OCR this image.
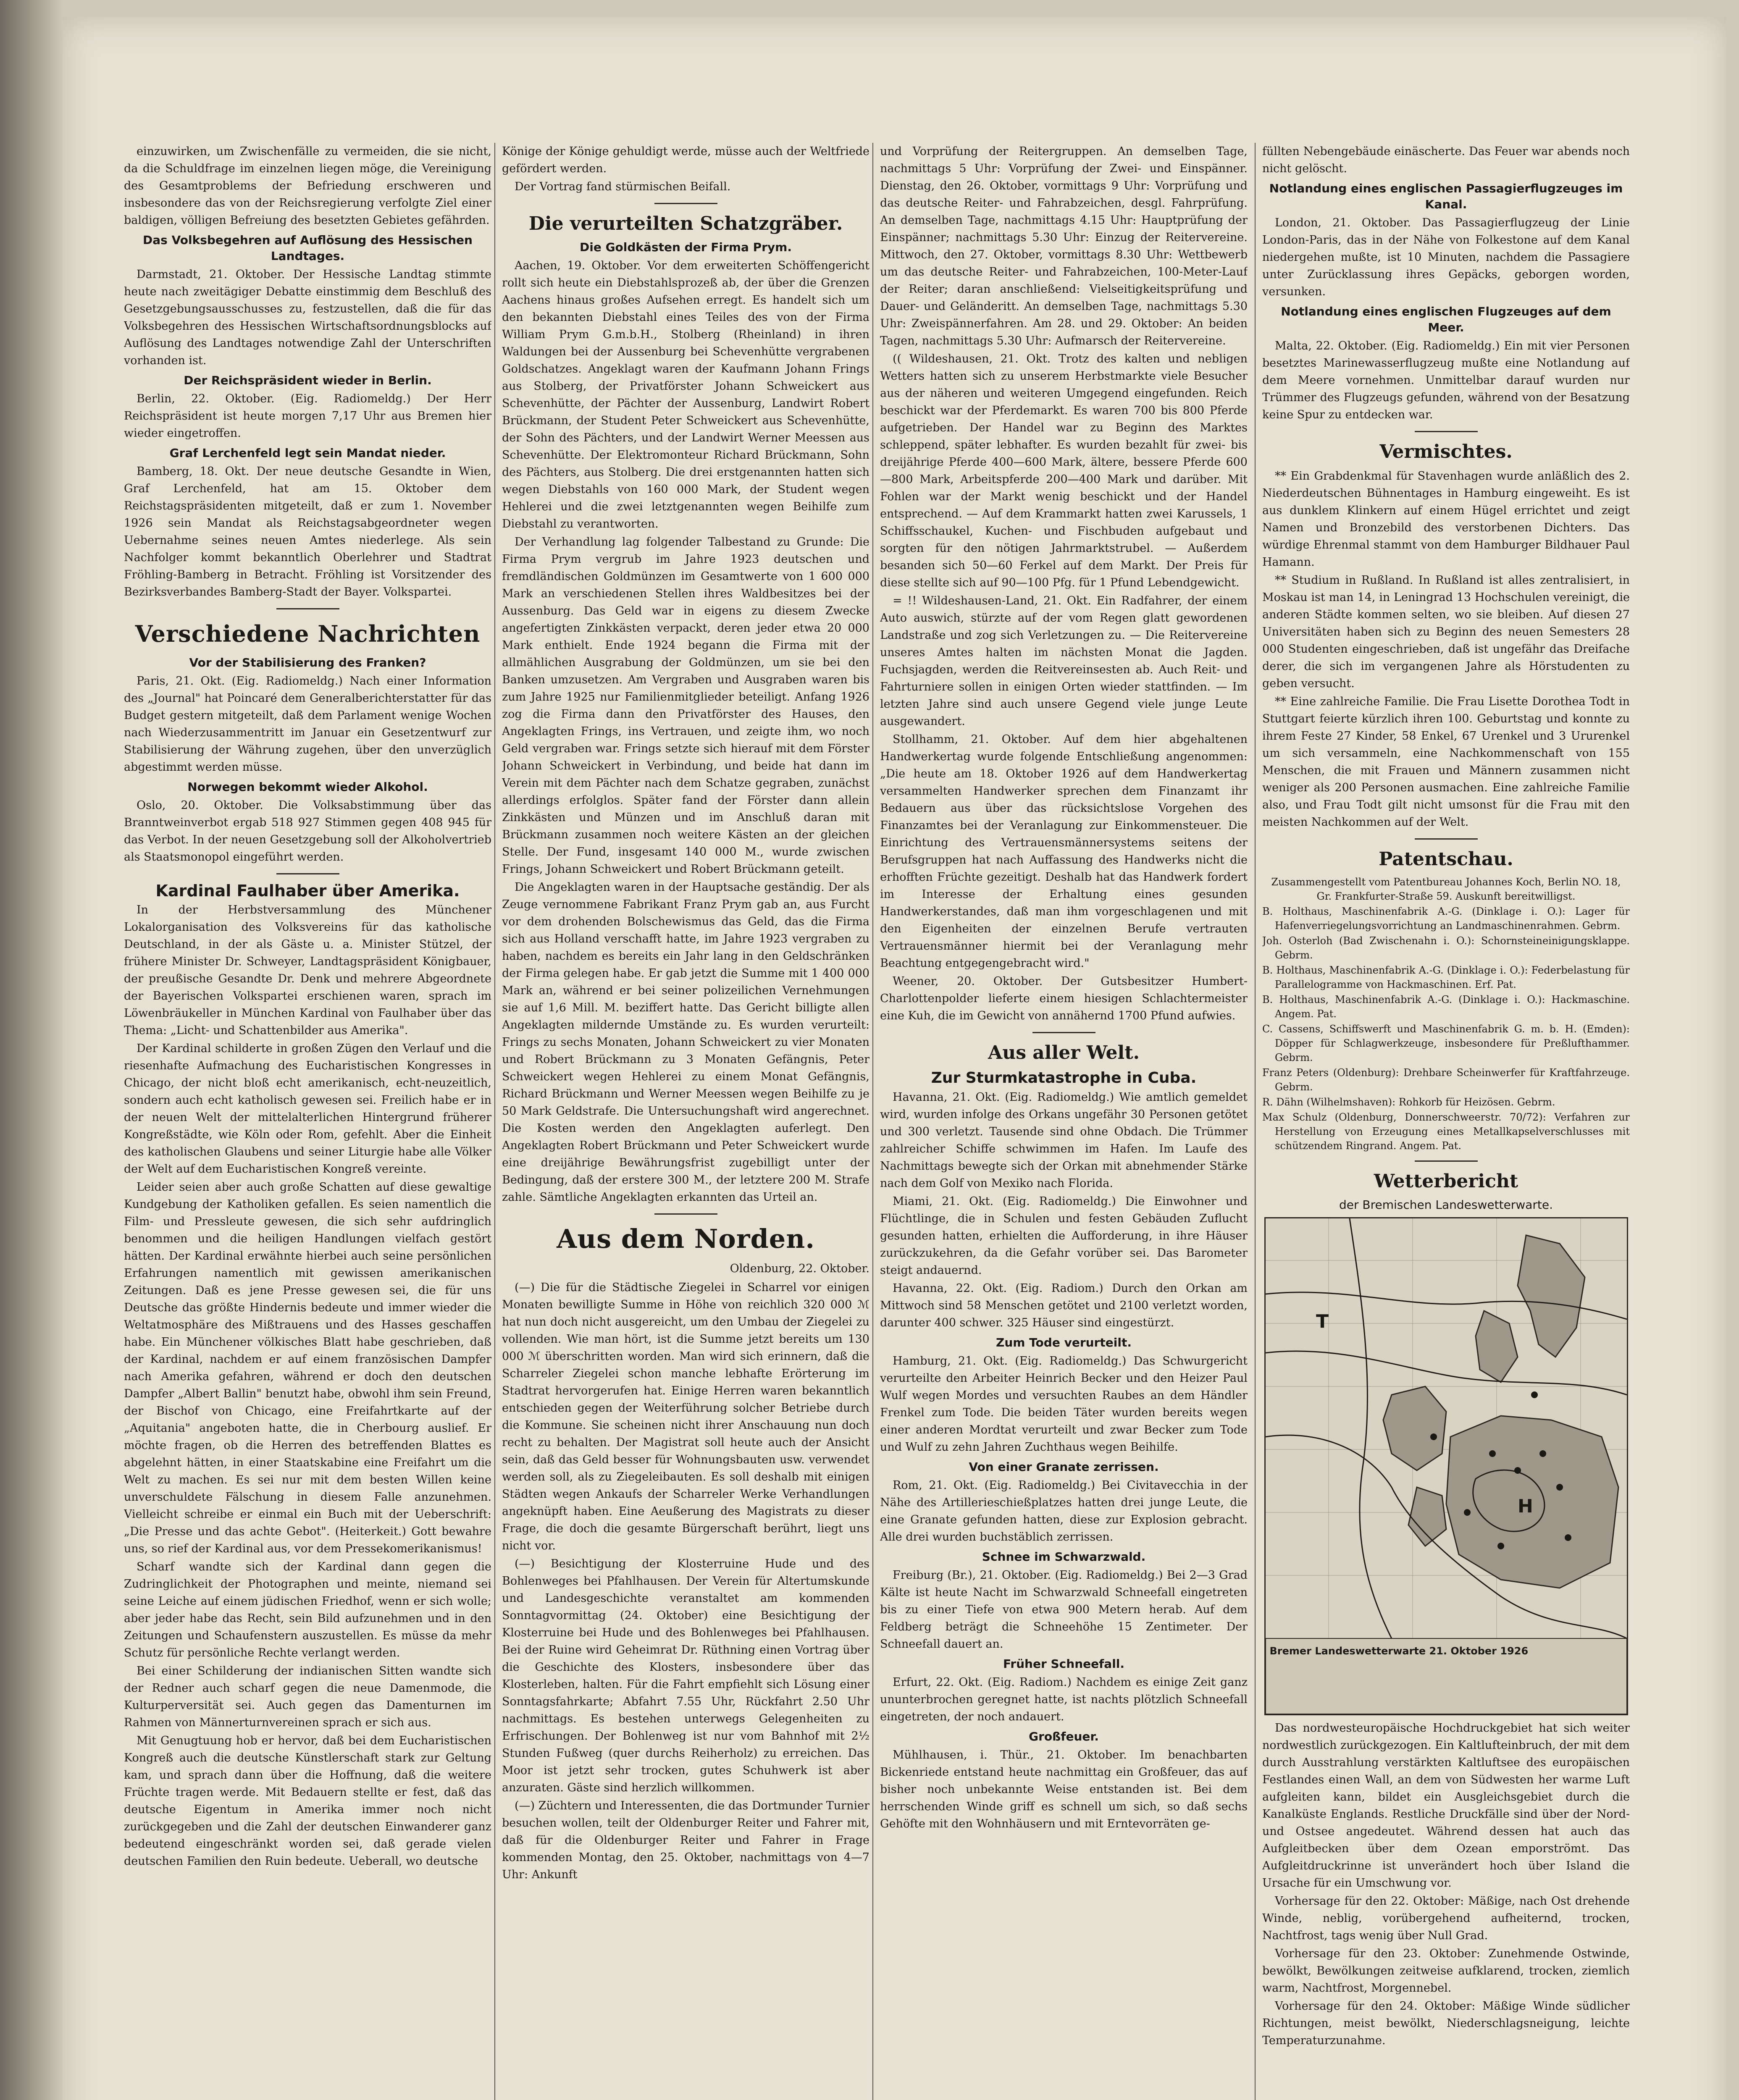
einzuwirken, um Zwischenfälle zu vermeiden, die sie nicht, da die Schuldfrage im einzelnen liegen möge, die Vereinigung des Gesamtproblems der Befriedung erschweren und insbesondere das von der Reichsregierung verfolgte Ziel einer baldigen, völligen Befreiung des besetzten Gebietes gefährden.

Das Volksbegehren auf Auflösung des Hessischen Landtages.

Darmstadt, 21. Oktober. Der Hessische Landtag stimmte heute nach zweitägiger Debatte einstimmig dem Beschluß des Gesetzgebungsausschusses zu, festzustellen, daß die für das Volksbegehren des Hessischen Wirtschaftsordnungsblocks auf Auflösung des Landtages notwendige Zahl der Unterschriften vorhanden ist.

Der Reichspräsident wieder in Berlin.

Berlin, 22. Oktober. (Eig. Radiomeldg.) Der Herr Reichspräsident ist heute morgen 7,17 Uhr aus Bremen hier wieder eingetroffen.

Graf Lerchenfeld legt sein Mandat nieder.

Bamberg, 18. Okt. Der neue deutsche Gesandte in Wien, Graf Lerchenfeld, hat am 15. Oktober dem Reichstagspräsidenten mitgeteilt, daß er zum 1. November 1926 sein Mandat als Reichstagsabgeordneter wegen Uebernahme seines neuen Amtes niederlege. Als sein Nachfolger kommt bekanntlich Oberlehrer und Stadtrat Fröhling-Bamberg in Betracht. Fröhling ist Vorsitzender des Bezirksverbandes Bamberg-Stadt der Bayer. Volkspartei.

Verschiedene Nachrichten
Vor der Stabilisierung des Franken?

Paris, 21. Okt. (Eig. Radiomeldg.) Nach einer Information des „Journal" hat Poincaré dem Generalberichterstatter für das Budget gestern mitgeteilt, daß dem Parlament wenige Wochen nach Wiederzusammentritt im Januar ein Gesetzentwurf zur Stabilisierung der Währung zugehen, über den unverzüglich abgestimmt werden müsse.

Norwegen bekommt wieder Alkohol.

Oslo, 20. Oktober. Die Volksabstimmung über das Branntweinverbot ergab 518 927 Stimmen gegen 408 945 für das Verbot. In der neuen Gesetzgebung soll der Alkoholvertrieb als Staatsmonopol eingeführt werden.

Kardinal Faulhaber über Amerika.

In der Herbstversammlung des Münchener Lokalorganisation des Volksvereins für das katholische Deutschland, in der als Gäste u. a. Minister Stützel, der frühere Minister Dr. Schweyer, Landtagspräsident Königbauer, der preußische Gesandte Dr. Denk und mehrere Abgeordnete der Bayerischen Volkspartei erschienen waren, sprach im Löwenbräukeller in München Kardinal von Faulhaber über das Thema: „Licht- und Schattenbilder aus Amerika".

Der Kardinal schilderte in großen Zügen den Verlauf und die riesenhafte Aufmachung des Eucharistischen Kongresses in Chicago, der nicht bloß echt amerikanisch, echt-neuzeitlich, sondern auch echt katholisch gewesen sei. Freilich habe er in der neuen Welt der mittelalterlichen Hintergrund früherer Kongreßstädte, wie Köln oder Rom, gefehlt. Aber die Einheit des katholischen Glaubens und seiner Liturgie habe alle Völker der Welt auf dem Eucharistischen Kongreß vereinte.

Leider seien aber auch große Schatten auf diese gewaltige Kundgebung der Katholiken gefallen. Es seien namentlich die Film- und Pressleute gewesen, die sich sehr aufdringlich benommen und die heiligen Handlungen vielfach gestört hätten. Der Kardinal erwähnte hierbei auch seine persönlichen Erfahrungen namentlich mit gewissen amerikanischen Zeitungen. Daß es jene Presse gewesen sei, die für uns Deutsche das größte Hindernis bedeute und immer wieder die Weltatmosphäre des Mißtrauens und des Hasses geschaffen habe. Ein Münchener völkisches Blatt habe geschrieben, daß der Kardinal, nachdem er auf einem französischen Dampfer nach Amerika gefahren, während er doch den deutschen Dampfer „Albert Ballin" benutzt habe, obwohl ihm sein Freund, der Bischof von Chicago, eine Freifahrtkarte auf der „Aquitania" angeboten hatte, die in Cherbourg auslief. Er möchte fragen, ob die Herren des betreffenden Blattes es abgelehnt hätten, in einer Staatskabine eine Freifahrt um die Welt zu machen. Es sei nur mit dem besten Willen keine unverschuldete Fälschung in diesem Falle anzunehmen. Vielleicht schreibe er einmal ein Buch mit der Ueberschrift: „Die Presse und das achte Gebot". (Heiterkeit.) Gott bewahre uns, so rief der Kardinal aus, vor dem Pressekomerikanismus!

Scharf wandte sich der Kardinal dann gegen die Zudringlichkeit der Photographen und meinte, niemand sei seine Leiche auf einem jüdischen Friedhof, wenn er sich wolle; aber jeder habe das Recht, sein Bild aufzunehmen und in den Zeitungen und Schaufenstern auszustellen. Es müsse da mehr Schutz für persönliche Rechte verlangt werden.

Bei einer Schilderung der indianischen Sitten wandte sich der Redner auch scharf gegen die neue Damenmode, die Kulturperversität sei. Auch gegen das Damenturnen im Rahmen von Männerturnvereinen sprach er sich aus.

Mit Genugtuung hob er hervor, daß bei dem Eucharistischen Kongreß auch die deutsche Künstlerschaft stark zur Geltung kam, und sprach dann über die Hoffnung, daß die weitere Früchte tragen werde. Mit Bedauern stellte er fest, daß das deutsche Eigentum in Amerika immer noch nicht zurückgegeben und die Zahl der deutschen Einwanderer ganz bedeutend eingeschränkt worden sei, daß gerade vielen deutschen Familien den Ruin bedeute. Ueberall, wo deutsche

Könige der Könige gehuldigt werde, müsse auch der Weltfriede gefördert werden.

Der Vortrag fand stürmischen Beifall.

Die verurteilten Schatzgräber.
Die Goldkästen der Firma Prym.

Aachen, 19. Oktober. Vor dem erweiterten Schöffengericht rollt sich heute ein Diebstahlsprozeß ab, der über die Grenzen Aachens hinaus großes Aufsehen erregt. Es handelt sich um den bekannten Diebstahl eines Teiles des von der Firma William Prym G.m.b.H., Stolberg (Rheinland) in ihren Waldungen bei der Aussenburg bei Schevenhütte vergrabenen Goldschatzes. Angeklagt waren der Kaufmann Johann Frings aus Stolberg, der Privatförster Johann Schweickert aus Schevenhütte, der Pächter der Aussenburg, Landwirt Robert Brückmann, der Student Peter Schweickert aus Schevenhütte, der Sohn des Pächters, und der Landwirt Werner Meessen aus Schevenhütte. Der Elektromonteur Richard Brückmann, Sohn des Pächters, aus Stolberg. Die drei erstgenannten hatten sich wegen Diebstahls von 160 000 Mark, der Student wegen Hehlerei und die zwei letztgenannten wegen Beihilfe zum Diebstahl zu verantworten.

Der Verhandlung lag folgender Talbestand zu Grunde: Die Firma Prym vergrub im Jahre 1923 deutschen und fremdländischen Goldmünzen im Gesamtwerte von 1 600 000 Mark an verschiedenen Stellen ihres Waldbesitzes bei der Aussenburg. Das Geld war in eigens zu diesem Zwecke angefertigten Zinkkästen verpackt, deren jeder etwa 20 000 Mark enthielt. Ende 1924 begann die Firma mit der allmählichen Ausgrabung der Goldmünzen, um sie bei den Banken umzusetzen. Am Vergraben und Ausgraben waren bis zum Jahre 1925 nur Familienmitglieder beteiligt. Anfang 1926 zog die Firma dann den Privatförster des Hauses, den Angeklagten Frings, ins Vertrauen, und zeigte ihm, wo noch Geld vergraben war. Frings setzte sich hierauf mit dem Förster Johann Schweickert in Verbindung, und beide hat dann im Verein mit dem Pächter nach dem Schatze gegraben, zunächst allerdings erfolglos. Später fand der Förster dann allein Zinkkästen und Münzen und im Anschluß daran mit Brückmann zusammen noch weitere Kästen an der gleichen Stelle. Der Fund, insgesamt 140 000 M., wurde zwischen Frings, Johann Schweickert und Robert Brückmann geteilt.

Die Angeklagten waren in der Hauptsache geständig. Der als Zeuge vernommene Fabrikant Franz Prym gab an, aus Furcht vor dem drohenden Bolschewismus das Geld, das die Firma sich aus Holland verschafft hatte, im Jahre 1923 vergraben zu haben, nachdem es bereits ein Jahr lang in den Geldschränken der Firma gelegen habe. Er gab jetzt die Summe mit 1 400 000 Mark an, während er bei seiner polizeilichen Vernehmungen sie auf 1,6 Mill. M. beziffert hatte. Das Gericht billigte allen Angeklagten mildernde Umstände zu. Es wurden verurteilt: Frings zu sechs Monaten, Johann Schweickert zu vier Monaten und Robert Brückmann zu 3 Monaten Gefängnis, Peter Schweickert wegen Hehlerei zu einem Monat Gefängnis, Richard Brückmann und Werner Meessen wegen Beihilfe zu je 50 Mark Geldstrafe. Die Untersuchungshaft wird angerechnet. Die Kosten werden den Angeklagten auferlegt. Den Angeklagten Robert Brückmann und Peter Schweickert wurde eine dreijährige Bewährungsfrist zugebilligt unter der Bedingung, daß der erstere 300 M., der letztere 200 M. Strafe zahle. Sämtliche Angeklagten erkannten das Urteil an.

Aus dem Norden.
Oldenburg, 22. Oktober.

(—) Die für die Städtische Ziegelei in Scharrel vor einigen Monaten bewilligte Summe in Höhe von reichlich 320 000 ℳ hat nun doch nicht ausgereicht, um den Umbau der Ziegelei zu vollenden. Wie man hört, ist die Summe jetzt bereits um 130 000 ℳ überschritten worden. Man wird sich erinnern, daß die Scharreler Ziegelei schon manche lebhafte Erörterung im Stadtrat hervorgerufen hat. Einige Herren waren bekanntlich entschieden gegen der Weiterführung solcher Betriebe durch die Kommune. Sie scheinen nicht ihrer Anschauung nun doch recht zu behalten. Der Magistrat soll heute auch der Ansicht sein, daß das Geld besser für Wohnungsbauten usw. verwendet werden soll, als zu Ziegeleibauten. Es soll deshalb mit einigen Städten wegen Ankaufs der Scharreler Werke Verhandlungen angeknüpft haben. Eine Aeußerung des Magistrats zu dieser Frage, die doch die gesamte Bürgerschaft berührt, liegt uns nicht vor.

(—) Besichtigung der Klosterruine Hude und des Bohlenweges bei Pfahlhausen. Der Verein für Altertumskunde und Landesgeschichte veranstaltet am kommenden Sonntagvormittag (24. Oktober) eine Besichtigung der Klosterruine bei Hude und des Bohlenweges bei Pfahlhausen. Bei der Ruine wird Geheimrat Dr. Rüthning einen Vortrag über die Geschichte des Klosters, insbesondere über das Klosterleben, halten. Für die Fahrt empfiehlt sich Lösung einer Sonntagsfahrkarte; Abfahrt 7.55 Uhr, Rückfahrt 2.50 Uhr nachmittags. Es bestehen unterwegs Gelegenheiten zu Erfrischungen. Der Bohlenweg ist nur vom Bahnhof mit 2½ Stunden Fußweg (quer durchs Reiherholz) zu erreichen. Das Moor ist jetzt sehr trocken, gutes Schuhwerk ist aber anzuraten. Gäste sind herzlich willkommen.

(—) Züchtern und Interessenten, die das Dortmunder Turnier besuchen wollen, teilt der Oldenburger Reiter und Fahrer mit, daß für die Oldenburger Reiter und Fahrer in Frage kommenden Montag, den 25. Oktober, nachmittags von 4—7 Uhr: Ankunft

und Vorprüfung der Reitergruppen. An demselben Tage, nachmittags 5 Uhr: Vorprüfung der Zwei- und Einspänner. Dienstag, den 26. Oktober, vormittags 9 Uhr: Vorprüfung und das deutsche Reiter- und Fahrabzeichen, desgl. Fahrprüfung. An demselben Tage, nachmittags 4.15 Uhr: Hauptprüfung der Einspänner; nachmittags 5.30 Uhr: Einzug der Reitervereine. Mittwoch, den 27. Oktober, vormittags 8.30 Uhr: Wettbewerb um das deutsche Reiter- und Fahrabzeichen, 100-Meter-Lauf der Reiter; daran anschließend: Vielseitigkeitsprüfung und Dauer- und Geländeritt. An demselben Tage, nachmittags 5.30 Uhr: Zweispännerfahren. Am 28. und 29. Oktober: An beiden Tagen, nachmittags 5.30 Uhr: Aufmarsch der Reitervereine.

(( Wildeshausen, 21. Okt. Trotz des kalten und nebligen Wetters hatten sich zu unserem Herbstmarkte viele Besucher aus der näheren und weiteren Umgegend eingefunden. Reich beschickt war der Pferdemarkt. Es waren 700 bis 800 Pferde aufgetrieben. Der Handel war zu Beginn des Marktes schleppend, später lebhafter. Es wurden bezahlt für zwei- bis dreijährige Pferde 400—600 Mark, ältere, bessere Pferde 600—800 Mark, Arbeitspferde 200—400 Mark und darüber. Mit Fohlen war der Markt wenig beschickt und der Handel entsprechend. — Auf dem Krammarkt hatten zwei Karussels, 1 Schiffsschaukel, Kuchen- und Fischbuden aufgebaut und sorgten für den nötigen Jahrmarktstrubel. — Außerdem besanden sich 50—60 Ferkel auf dem Markt. Der Preis für diese stellte sich auf 90—100 Pfg. für 1 Pfund Lebendgewicht.

= !! Wildeshausen-Land, 21. Okt. Ein Radfahrer, der einem Auto auswich, stürzte auf der vom Regen glatt gewordenen Landstraße und zog sich Verletzungen zu. — Die Reitervereine unseres Amtes halten im nächsten Monat die Jagden. Fuchsjagden, werden die Reitvereinsesten ab. Auch Reit- und Fahrturniere sollen in einigen Orten wieder stattfinden. — Im letzten Jahre sind auch unsere Gegend viele junge Leute ausgewandert.

Stollhamm, 21. Oktober. Auf dem hier abgehaltenen Handwerkertag wurde folgende Entschließung angenommen: „Die heute am 18. Oktober 1926 auf dem Handwerkertag versammelten Handwerker sprechen dem Finanzamt ihr Bedauern aus über das rücksichtslose Vorgehen des Finanzamtes bei der Veranlagung zur Einkommensteuer. Die Einrichtung des Vertrauensmännersystems seitens der Berufsgruppen hat nach Auffassung des Handwerks nicht die erhofften Früchte gezeitigt. Deshalb hat das Handwerk fordert im Interesse der Erhaltung eines gesunden Handwerkerstandes, daß man ihm vorgeschlagenen und mit den Eigenheiten der einzelnen Berufe vertrauten Vertrauensmänner hiermit bei der Veranlagung mehr Beachtung entgegengebracht wird."

Weener, 20. Oktober. Der Gutsbesitzer Humbert-Charlottenpolder lieferte einem hiesigen Schlachtermeister eine Kuh, die im Gewicht von annähernd 1700 Pfund aufwies.

Aus aller Welt.
Zur Sturmkatastrophe in Cuba.

Havanna, 21. Okt. (Eig. Radiomeldg.) Wie amtlich gemeldet wird, wurden infolge des Orkans ungefähr 30 Personen getötet und 300 verletzt. Tausende sind ohne Obdach. Die Trümmer zahlreicher Schiffe schwimmen im Hafen. Im Laufe des Nachmittags bewegte sich der Orkan mit abnehmender Stärke nach dem Golf von Mexiko nach Florida.

Miami, 21. Okt. (Eig. Radiomeldg.) Die Einwohner und Flüchtlinge, die in Schulen und festen Gebäuden Zuflucht gesunden hatten, erhielten die Aufforderung, in ihre Häuser zurückzukehren, da die Gefahr vorüber sei. Das Barometer steigt andauernd.

Havanna, 22. Okt. (Eig. Radiom.) Durch den Orkan am Mittwoch sind 58 Menschen getötet und 2100 verletzt worden, darunter 400 schwer. 325 Häuser sind eingestürzt.

Zum Tode verurteilt.

Hamburg, 21. Okt. (Eig. Radiomeldg.) Das Schwurgericht verurteilte den Arbeiter Heinrich Becker und den Heizer Paul Wulf wegen Mordes und versuchten Raubes an dem Händler Frenkel zum Tode. Die beiden Täter wurden bereits wegen einer anderen Mordtat verurteilt und zwar Becker zum Tode und Wulf zu zehn Jahren Zuchthaus wegen Beihilfe.

Von einer Granate zerrissen.

Rom, 21. Okt. (Eig. Radiomeldg.) Bei Civitavecchia in der Nähe des Artillerieschießplatzes hatten drei junge Leute, die eine Granate gefunden hatten, diese zur Explosion gebracht. Alle drei wurden buchstäblich zerrissen.

Schnee im Schwarzwald.

Freiburg (Br.), 21. Oktober. (Eig. Radiomeldg.) Bei 2—3 Grad Kälte ist heute Nacht im Schwarzwald Schneefall eingetreten bis zu einer Tiefe von etwa 900 Metern herab. Auf dem Feldberg beträgt die Schneehöhe 15 Zentimeter. Der Schneefall dauert an.

Früher Schneefall.

Erfurt, 22. Okt. (Eig. Radiom.) Nachdem es einige Zeit ganz ununterbrochen geregnet hatte, ist nachts plötzlich Schneefall eingetreten, der noch andauert.

Großfeuer.

Mühlhausen, i. Thür., 21. Oktober. Im benachbarten Bickenriede entstand heute nachmittag ein Großfeuer, das auf bisher noch unbekannte Weise entstanden ist. Bei dem herrschenden Winde griff es schnell um sich, so daß sechs Gehöfte mit den Wohnhäusern und mit Erntevorräten ge-

füllten Nebengebäude einäscherte. Das Feuer war abends noch nicht gelöscht.

Notlandung eines englischen Passagierflugzeuges im Kanal.

London, 21. Oktober. Das Passagierflugzeug der Linie London-Paris, das in der Nähe von Folkestone auf dem Kanal niedergehen mußte, ist 10 Minuten, nachdem die Passagiere unter Zurücklassung ihres Gepäcks, geborgen worden, versunken.

Notlandung eines englischen Flugzeuges auf dem Meer.

Malta, 22. Oktober. (Eig. Radiomeldg.) Ein mit vier Personen besetztes Marinewasserflugzeug mußte eine Notlandung auf dem Meere vornehmen. Unmittelbar darauf wurden nur Trümmer des Flugzeugs gefunden, während von der Besatzung keine Spur zu entdecken war.

Vermischtes.

** Ein Grabdenkmal für Stavenhagen wurde anläßlich des 2. Niederdeutschen Bühnentages in Hamburg eingeweiht. Es ist aus dunklem Klinkern auf einem Hügel errichtet und zeigt Namen und Bronzebild des verstorbenen Dichters. Das würdige Ehrenmal stammt von dem Hamburger Bildhauer Paul Hamann.

** Studium in Rußland. In Rußland ist alles zentralisiert, in Moskau ist man 14, in Leningrad 13 Hochschulen vereinigt, die anderen Städte kommen selten, wo sie bleiben. Auf diesen 27 Universitäten haben sich zu Beginn des neuen Semesters 28 000 Studenten eingeschrieben, daß ist ungefähr das Dreifache derer, die sich im vergangenen Jahre als Hörstudenten zu geben versucht.

** Eine zahlreiche Familie. Die Frau Lisette Dorothea Todt in Stuttgart feierte kürzlich ihren 100. Geburtstag und konnte zu ihrem Feste 27 Kinder, 58 Enkel, 67 Urenkel und 3 Ururenkel um sich versammeln, eine Nachkommenschaft von 155 Menschen, die mit Frauen und Männern zusammen nicht weniger als 200 Personen ausmachen. Eine zahlreiche Familie also, und Frau Todt gilt nicht umsonst für die Frau mit den meisten Nachkommen auf der Welt.

Patentschau.

Zusammengestellt vom Patentbureau Johannes Koch, Berlin NO. 18, Gr. Frankfurter-Straße 59. Auskunft bereitwilligst.

B. Holthaus, Maschinenfabrik A.-G. (Dinklage i. O.): Lager für Hafenverriegelungsvorrichtung an Landmaschinenrahmen. Gebrm.

Joh. Osterloh (Bad Zwischenahn i. O.): Schornsteineinigungsklappe. Gebrm.

B. Holthaus, Maschinenfabrik A.-G. (Dinklage i. O.): Federbelastung für Parallelogramme von Hackmaschinen. Erf. Pat.

B. Holthaus, Maschinenfabrik A.-G. (Dinklage i. O.): Hackmaschine. Angem. Pat.

C. Cassens, Schiffswerft und Maschinenfabrik G. m. b. H. (Emden): Döpper für Schlagwerkzeuge, insbesondere für Preßlufthammer. Gebrm.

Franz Peters (Oldenburg): Drehbare Scheinwerfer für Kraftfahrzeuge. Gebrm.

R. Dähn (Wilhelmshaven): Rohkorb für Heizösen. Gebrm.

Max Schulz (Oldenburg, Donnerschweerstr. 70/72): Verfahren zur Herstellung von Erzeugung eines Metallkapselverschlusses mit schützendem Ringrand. Angem. Pat.

Wetterbericht
der Bremischen Landeswetterwarte.
H
T
Bremer Landeswetterwarte 21. Oktober 1926

Das nordwesteuropäische Hochdruckgebiet hat sich weiter nordwestlich zurückgezogen. Ein Kaltlufteinbruch, der mit dem durch Ausstrahlung verstärkten Kaltluftsee des europäischen Festlandes einen Wall, an dem von Südwesten her warme Luft aufgleiten kann, bildet ein Ausgleichsgebiet durch die Kanalküste Englands. Restliche Druckfälle sind über der Nord- und Ostsee angedeutet. Während dessen hat auch das Aufgleitbecken über dem Ozean emporströmt. Das Aufgleitdruckrinne ist unverändert hoch über Island die Ursache für ein Umschwung vor.

Vorhersage für den 22. Oktober: Mäßige, nach Ost drehende Winde, neblig, vorübergehend aufheiternd, trocken, Nachtfrost, tags wenig über Null Grad.

Vorhersage für den 23. Oktober: Zunehmende Ostwinde, bewölkt, Bewölkungen zeitweise aufklarend, trocken, ziemlich warm, Nachtfrost, Morgennebel.

Vorhersage für den 24. Oktober: Mäßige Winde südlicher Richtungen, meist bewölkt, Niederschlagsneigung, leichte Temperaturzunahme.
